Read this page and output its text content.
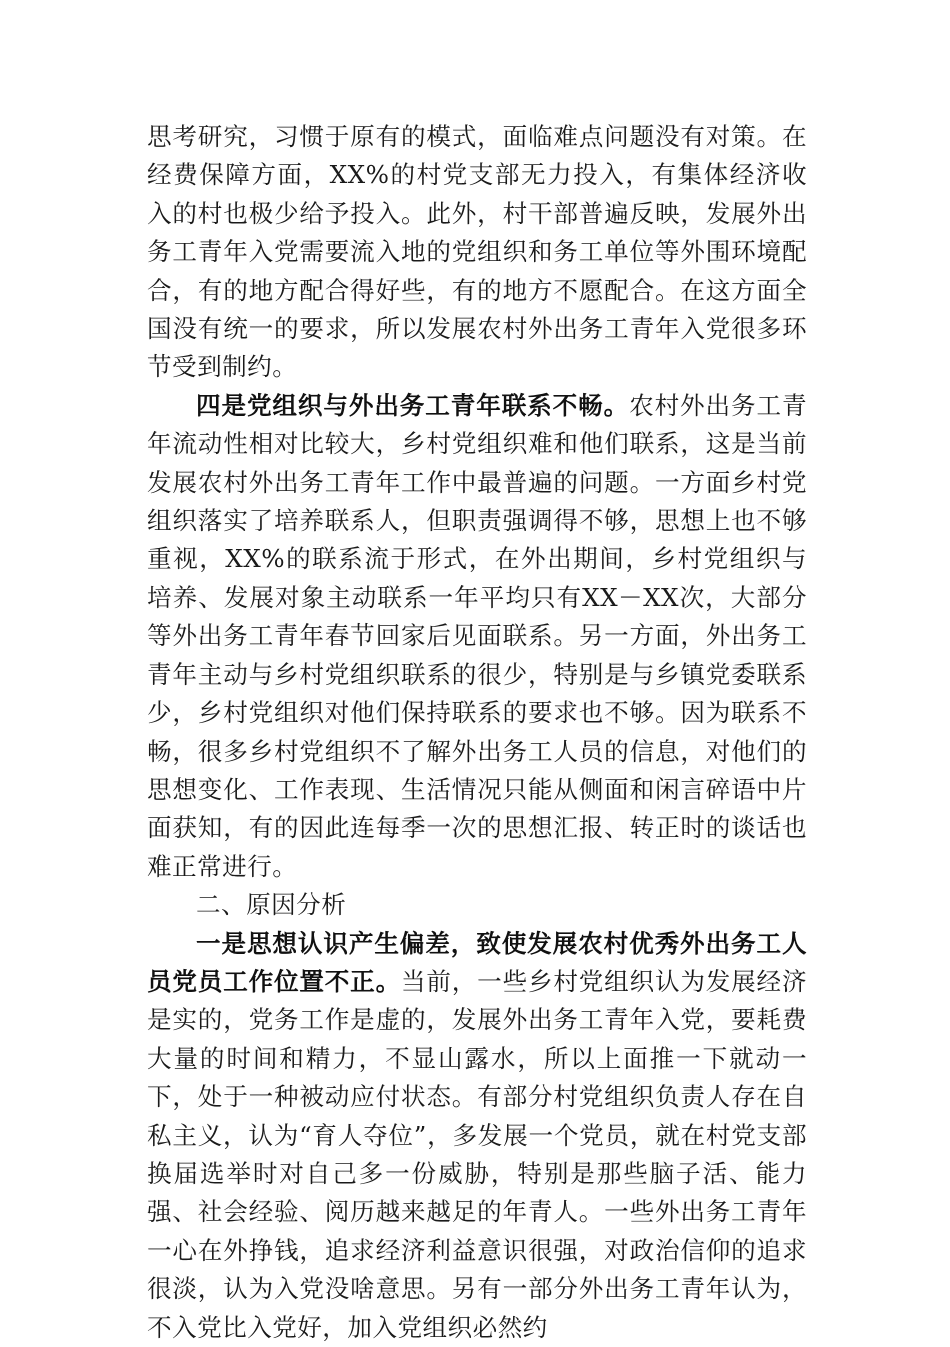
思考研究，习惯于原有的模式，面临难点问题没有对策。在经费保障方面，XX%的村党支部无力投入，有集体经济收入的村也极少给予投入。此外，村干部普遍反映，发展外出务工青年入党需要流入地的党组织和务工单位等外围环境配合，有的地方配合得好些，有的地方不愿配合。在这方面全国没有统一的要求，所以发展农村外出务工青年入党很多环节受到制约。

四是党组织与外出务工青年联系不畅。农村外出务工青年流动性相对比较大，乡村党组织难和他们联系，这是当前发展农村外出务工青年工作中最普遍的问题。一方面乡村党组织落实了培养联系人，但职责强调得不够，思想上也不够重视，XX%的联系流于形式，在外出期间，乡村党组织与培养、发展对象主动联系一年平均只有XX－XX次，大部分等外出务工青年春节回家后见面联系。另一方面，外出务工青年主动与乡村党组织联系的很少，特别是与乡镇党委联系少，乡村党组织对他们保持联系的要求也不够。因为联系不畅，很多乡村党组织不了解外出务工人员的信息，对他们的思想变化、工作表现、生活情况只能从侧面和闲言碎语中片面获知，有的因此连每季一次的思想汇报、转正时的谈话也难正常进行。

二、原因分析

一是思想认识产生偏差，致使发展农村优秀外出务工人员党员工作位置不正。当前，一些乡村党组织认为发展经济是实的，党务工作是虚的，发展外出务工青年入党，要耗费大量的时间和精力，不显山露水，所以上面推一下就动一下，处于一种被动应付状态。有部分村党组织负责人存在自私主义，认为“育人夺位”，多发展一个党员，就在村党支部换届选举时对自己多一份威胁，特别是那些脑子活、能力强、社会经验、阅历越来越足的年青人。一些外出务工青年一心在外挣钱，追求经济利益意识很强，对政治信仰的追求很淡，认为入党没啥意思。另有一部分外出务工青年认为，不入党比入党好，加入党组织必然约
